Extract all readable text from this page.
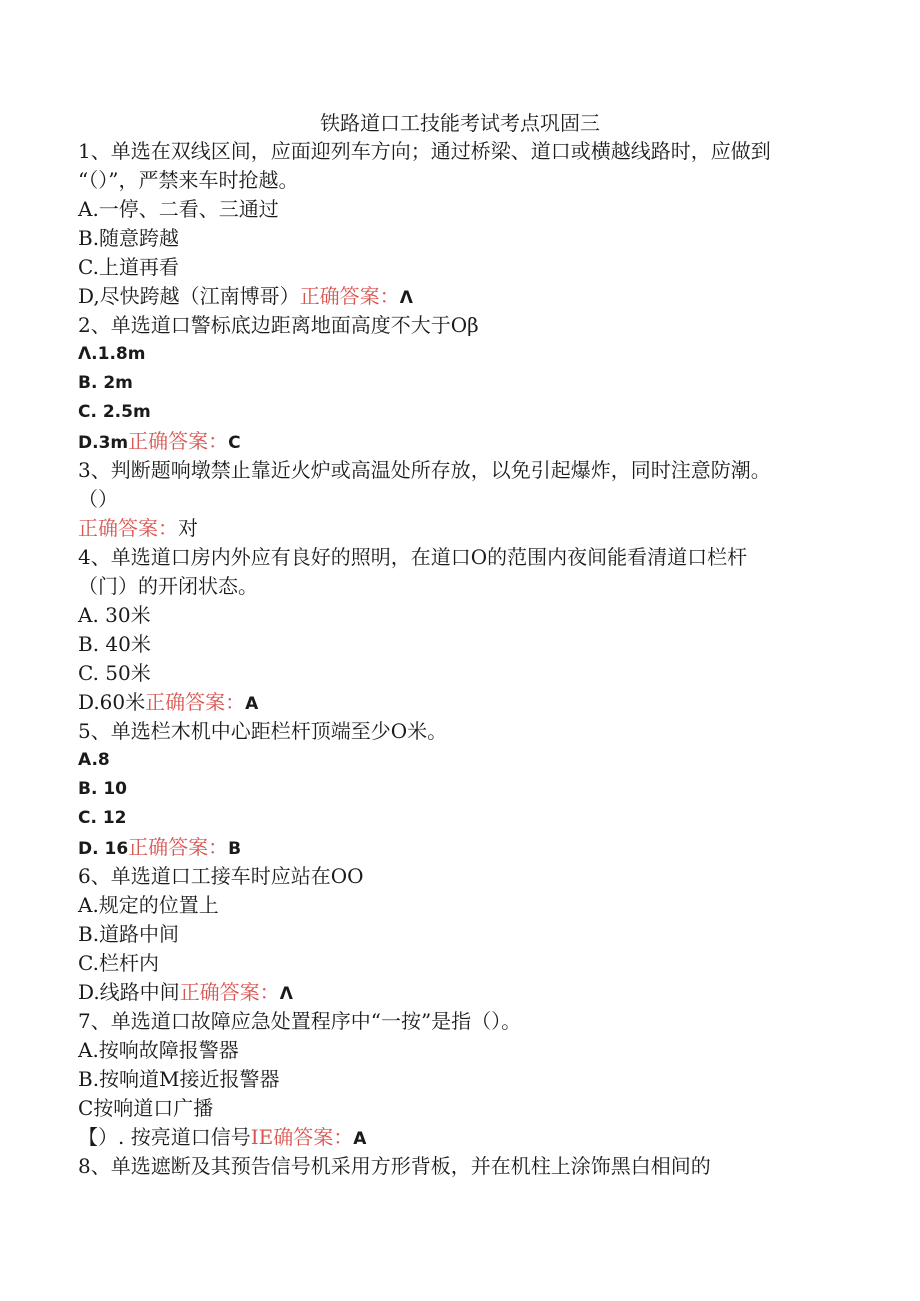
铁路道口工技能考试考点巩固三
1、单选在双线区间，应面迎列车方向；通过桥梁、道口或横越线路时，应做到
“（）”，严禁来车时抢越。
A.一停、二看、三通过
B.随意跨越
C.上道再看
D,尽快跨越（江南博哥）正确答案：Λ
2、单选道口警标底边距离地面高度不大于Oβ
Λ.1.8m
B. 2m
C. 2.5m
D.3m正确答案：C
3、判断题响墩禁止靠近火炉或高温处所存放，以免引起爆炸，同时注意防潮。
（）
正确答案：对
4、单选道口房内外应有良好的照明，在道口O的范围内夜间能看清道口栏杆
（门）的开闭状态。
A. 30米
B. 40米
C. 50米
D.60米正确答案：A
5、单选栏木机中心距栏杆顶端至少O米。
A.8
B. 10
C. 12
D. 16正确答案：B
6、单选道口工接车时应站在OO
A.规定的位置上
B.道路中间
C.栏杆内
D.线路中间正确答案：Λ
7、单选道口故障应急处置程序中“一按”是指（）。
A.按响故障报警器
B.按响道M接近报警器
C按响道口广播
【）. 按亮道口信号IE确答案：A
8、单选遮断及其预告信号机采用方形背板，并在机柱上涂饰黑白相间的
